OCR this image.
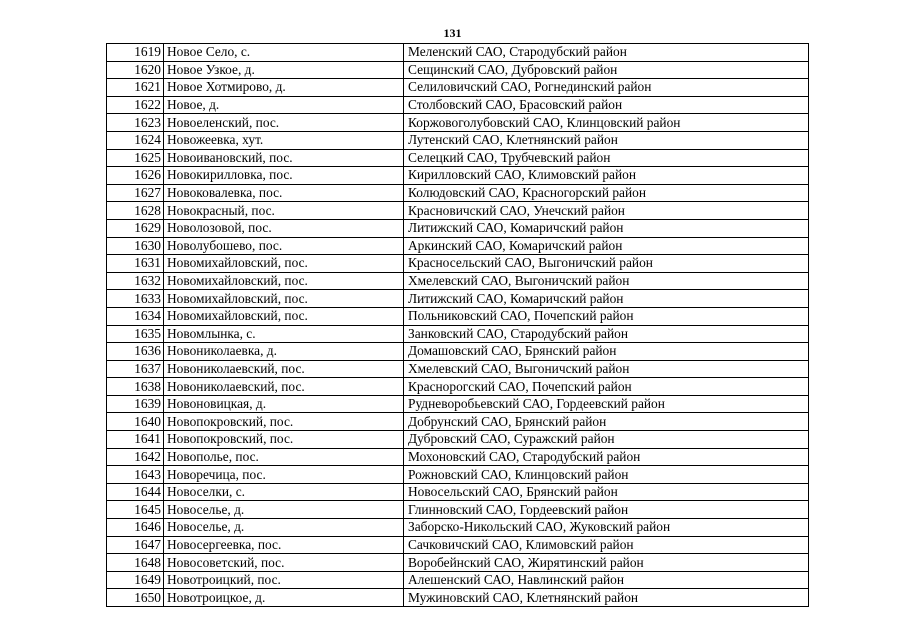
131
1619	Новое Село, с.	Меленский САО, Стародубский район
1620	Новое Узкое, д.	Сещинский САО, Дубровский район
1621	Новое Хотмирово, д.	Селиловичский САО, Рогнединский район
1622	Новое, д.	Столбовский САО, Брасовский район
1623	Новоеленский, пос.	Коржовоголубовский САО, Клинцовский район
1624	Новожеевка, хут.	Лутенский САО, Клетнянский район
1625	Новоивановский, пос.	Селецкий САО, Трубчевский район
1626	Новокирилловка, пос.	Кирилловский САО, Климовский район
1627	Новоковалевка, пос.	Колюдовский САО, Красногорский район
1628	Новокрасный, пос.	Красновичский САО, Унечский район
1629	Новолозовой, пос.	Литижский САО, Комаричский район
1630	Новолубошево, пос.	Аркинский САО, Комаричский район
1631	Новомихайловский, пос.	Красносельский САО, Выгоничский район
1632	Новомихайловский, пос.	Хмелевский САО, Выгоничский район
1633	Новомихайловский, пос.	Литижский САО, Комаричский район
1634	Новомихайловский, пос.	Польниковский САО, Почепский район
1635	Новомлынка, с.	Занковский САО, Стародубский район
1636	Новониколаевка, д.	Домашовский САО, Брянский район
1637	Новониколаевский, пос.	Хмелевский САО, Выгоничский район
1638	Новониколаевский, пос.	Краснорогский САО, Почепский район
1639	Новоновицкая, д.	Рудневоробьевский САО, Гордеевский район
1640	Новопокровский, пос.	Добрунский САО, Брянский район
1641	Новопокровский, пос.	Дубровский САО, Суражский район
1642	Новополье, пос.	Мохоновский САО, Стародубский район
1643	Новоречица, пос.	Рожновский САО, Клинцовский район
1644	Новоселки, с.	Новосельский САО, Брянский район
1645	Новоселье, д.	Глинновский САО, Гордеевский район
1646	Новоселье, д.	Заборско-Никольский САО, Жуковский район
1647	Новосергеевка, пос.	Сачковичский САО, Климовский район
1648	Новосоветский, пос.	Воробейнский САО, Жирятинский район
1649	Новотроицкий, пос.	Алешенский САО, Навлинский район
1650	Новотроицкое, д.	Мужиновский САО, Клетнянский район
